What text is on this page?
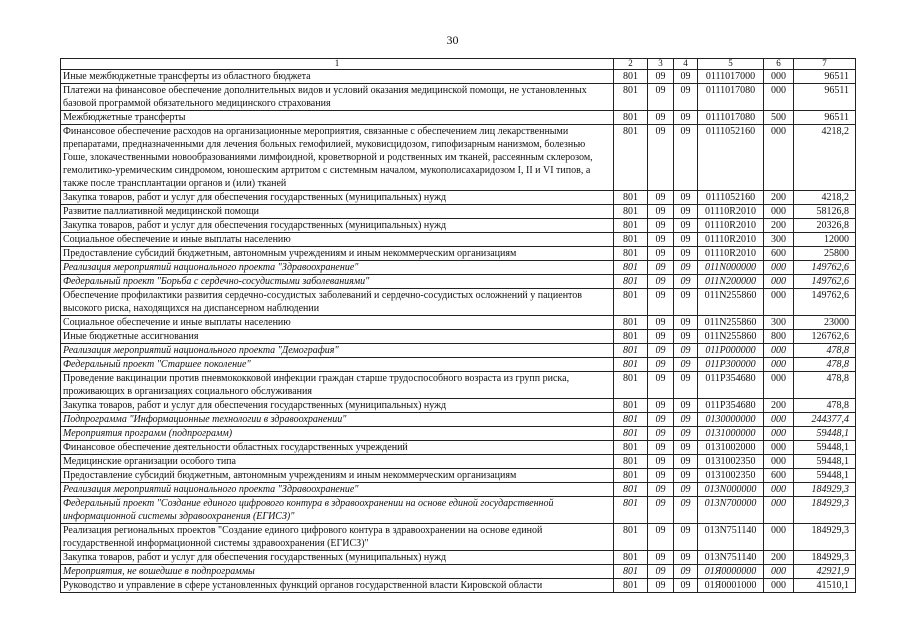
30
1	2	3	4	5	6	7
Иные межбюджетные трансферты из областного бюджета	801	09	09	0111017000	000	96511
Платежи на финансовое обеспечение дополнительных видов и условий оказания медицинской помощи, не установленных базовой программой обязательного медицинского страхования	801	09	09	0111017080	000	96511
Межбюджетные трансферты	801	09	09	0111017080	500	96511
Финансовое обеспечение расходов на организационные мероприятия, связанные с обеспечением лиц лекарственными препаратами, предназначенными для лечения больных гемофилией, муковисцидозом, гипофизарным нанизмом, болезнью Гоше, злокачественными новообразованиями лимфоидной, кроветворной и родственных им тканей, рассеянным склерозом, гемолитико-уремическим синдромом, юношеским артритом с системным началом, мукополисахаридозом I, II и VI типов, а также после трансплантации органов и (или) тканей	801	09	09	0111052160	000	4218,2
Закупка товаров, работ и услуг для обеспечения государственных (муниципальных) нужд	801	09	09	0111052160	200	4218,2
Развитие паллиативной медицинской помощи	801	09	09	01110R2010	000	58126,8
Закупка товаров, работ и услуг для обеспечения государственных (муниципальных) нужд	801	09	09	01110R2010	200	20326,8
Социальное обеспечение и иные выплаты населению	801	09	09	01110R2010	300	12000
Предоставление субсидий бюджетным, автономным учреждениям и иным некоммерческим организациям	801	09	09	01110R2010	600	25800
Реализация мероприятий национального проекта "Здравоохранение"	801	09	09	011N000000	000	149762,6
Федеральный проект "Борьба с сердечно-сосудистыми заболеваниями"	801	09	09	011N200000	000	149762,6
Обеспечение профилактики развития сердечно-сосудистых заболеваний и сердечно-сосудистых осложнений у пациентов высокого риска, находящихся на диспансерном наблюдении	801	09	09	011N255860	000	149762,6
Социальное обеспечение и иные выплаты населению	801	09	09	011N255860	300	23000
Иные бюджетные ассигнования	801	09	09	011N255860	800	126762,6
Реализация мероприятий национального проекта "Демография"	801	09	09	011P000000	000	478,8
Федеральный проект "Старшее поколение"	801	09	09	011P300000	000	478,8
Проведение вакцинации против пневмококковой инфекции граждан старше трудоспособного возраста из групп риска, проживающих в организациях социального обслуживания	801	09	09	011P354680	000	478,8
Закупка товаров, работ и услуг для обеспечения государственных (муниципальных) нужд	801	09	09	011P354680	200	478,8
Подпрограмма "Информационные технологии в здравоохранении"	801	09	09	0130000000	000	244377,4
Мероприятия программ (подпрограмм)	801	09	09	0131000000	000	59448,1
Финансовое обеспечение деятельности областных государственных учреждений	801	09	09	0131002000	000	59448,1
Медицинские организации особого типа	801	09	09	0131002350	000	59448,1
Предоставление субсидий бюджетным, автономным учреждениям и иным некоммерческим организациям	801	09	09	0131002350	600	59448,1
Реализация мероприятий национального проекта "Здравоохранение"	801	09	09	013N000000	000	184929,3
Федеральный проект "Создание единого цифрового контура в здравоохранении на основе единой государственной информационной системы здравоохранения (ЕГИСЗ)"	801	09	09	013N700000	000	184929,3
Реализация региональных проектов "Создание единого цифрового контура в здравоохранении на основе единой государственной информационной системы здравоохранения (ЕГИСЗ)"	801	09	09	013N751140	000	184929,3
Закупка товаров, работ и услуг для обеспечения государственных (муниципальных) нужд	801	09	09	013N751140	200	184929,3
Мероприятия, не вошедшие в подпрограммы	801	09	09	01Я0000000	000	42921,9
Руководство и управление в сфере установленных функций органов государственной власти Кировской области	801	09	09	01Я0001000	000	41510,1
